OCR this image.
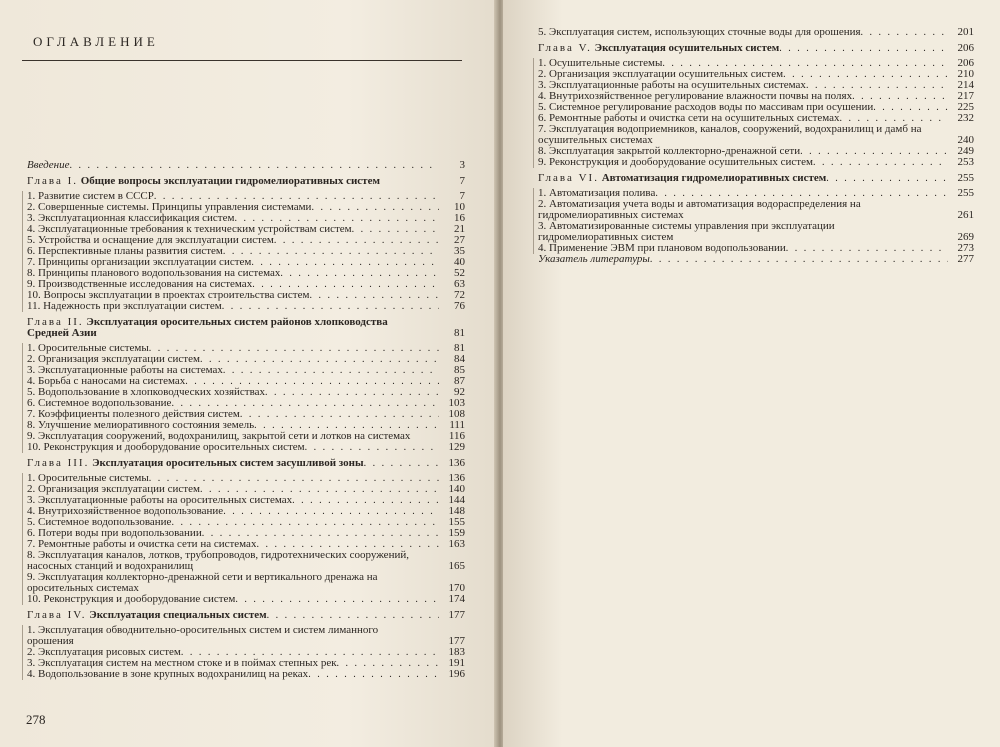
ОГЛАВЛЕНИЕ
Введение . . .	3
Глава I. Общие вопросы эксплуатации гидромелиоративных систем	7
1. Развитие систем в СССР . . .	7
2. Совершенные системы. Принципы управления системами . . .	10
3. Эксплуатационная классификация систем . . .	16
4. Эксплуатационные требования к техническим устройствам систем . . .	21
5. Устройства и оснащение для эксплуатации систем . . .	27
6. Перспективные планы развития систем . . .	35
7. Принципы организации эксплуатации систем . . .	40
8. Принципы планового водопользования на системах . . .	52
9. Производственные исследования на системах . . .	63
10. Вопросы эксплуатации в проектах строительства систем . . .	72
11. Надежность при эксплуатации систем . . .	76
Глава II. Эксплуатация оросительных систем районов хлопководства Средней Азии	81
1. Оросительные системы . . .	81
2. Организация эксплуатации систем . . .	84
3. Эксплуатационные работы на системах . . .	85
4. Борьба с наносами на системах . . .	87
5. Водопользование в хлопководческих хозяйствах . . .	92
6. Системное водопользование . . .	103
7. Коэффициенты полезного действия систем . . .	108
8. Улучшение мелиоративного состояния земель . . .	111
9. Эксплуатация сооружений, водохранилищ, закрытой сети и лотков на системах	116
10. Реконструкция и дооборудование оросительных систем . . .	129
Глава III. Эксплуатация оросительных систем засушливой зоны . . .	136
1. Оросительные системы . . .	136
2. Организация эксплуатации систем . . .	140
3. Эксплуатационные работы на оросительных системах . . .	144
4. Внутрихозяйственное водопользование . . .	148
5. Системное водопользование . . .	155
6. Потери воды при водопользовании . . .	159
7. Ремонтные работы и очистка сети на системах . . .	163
8. Эксплуатация каналов, лотков, трубопроводов, гидротехнических сооружений, насосных станций и водохранилищ	165
9. Эксплуатация коллекторно-дренажной сети и вертикального дренажа на оросительных системах	170
10. Реконструкция и дооборудование систем . . .	174
Глава IV. Эксплуатация специальных систем . . .	177
1. Эксплуатация обводнительно-оросительных систем и систем лиманного орошения	177
2. Эксплуатация рисовых систем . . .	183
3. Эксплуатация систем на местном стоке и в поймах степных рек . . .	191
4. Водопользование в зоне крупных водохранилищ на реках . . .	196
278
5. Эксплуатация систем, использующих сточные воды для орошения . . .	201
Глава V. Эксплуатация осушительных систем . . .	206
1. Осушительные системы . . .	206
2. Организация эксплуатации осушительных систем . . .	210
3. Эксплуатационные работы на осушительных системах . . .	214
4. Внутрихозяйственное регулирование влажности почвы на полях . . .	217
5. Системное регулирование расходов воды по массивам при осушении . . .	225
6. Ремонтные работы и очистка сети на осушительных системах . . .	232
7. Эксплуатация водоприемников, каналов, сооружений, водохранилищ и дамб на осушительных системах	240
8. Эксплуатация закрытой коллекторно-дренажной сети . . .	249
9. Реконструкция и дооборудование осушительных систем . . .	253
Глава VI. Автоматизация гидромелиоративных систем . . .	255
1. Автоматизация полива . . .	255
2. Автоматизация учета воды и автоматизация водораспределения на гидромелиоративных системах	261
3. Автоматизированные системы управления при эксплуатации гидромелиоративных систем	269
4. Применение ЭВМ при плановом водопользовании . . .	273
Указатель литературы . . .	277
